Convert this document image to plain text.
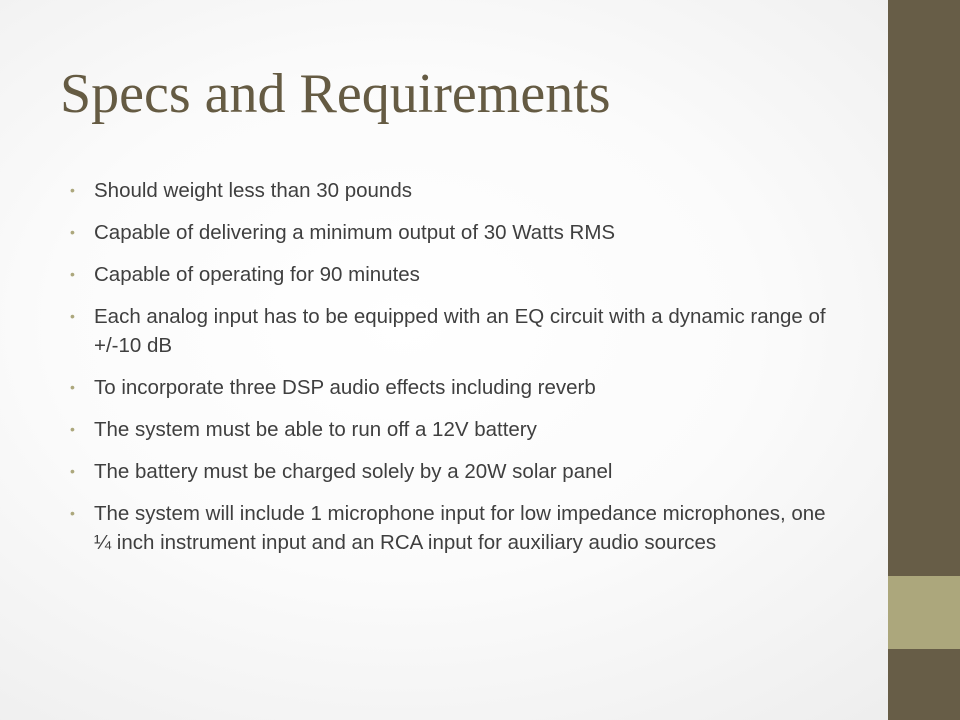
Specs and Requirements
• Should weight less than 30 pounds
• Capable of delivering a minimum output of 30 Watts RMS
• Capable of operating for 90 minutes
• Each analog input has to be equipped with an EQ circuit with a dynamic range of +/-10 dB
• To incorporate three DSP audio effects including reverb
• The system must be able to run off a 12V battery
• The battery must be charged solely by a 20W solar panel
• The system will include 1 microphone input for low impedance microphones, one ¼ inch instrument input and an RCA input for auxiliary audio sources
